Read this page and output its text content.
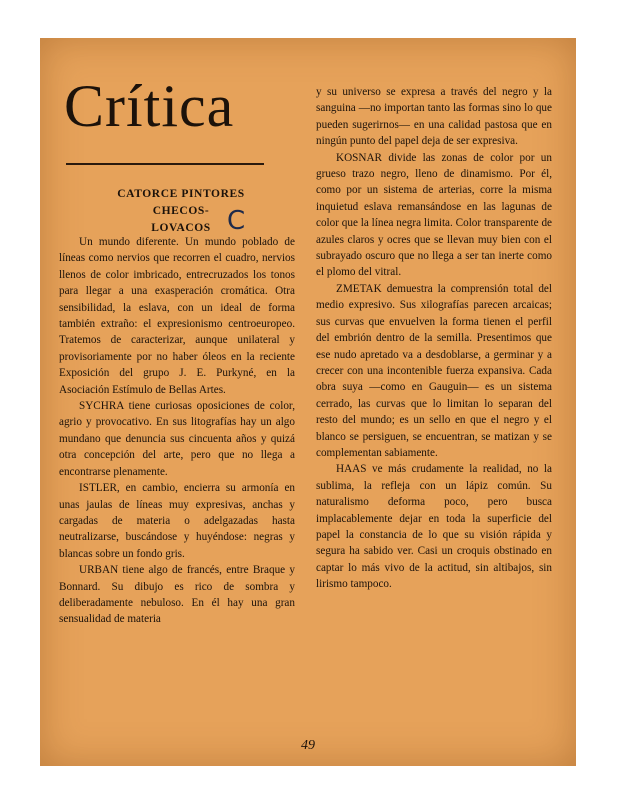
Crítica
CATORCE PINTORES CHECOS-
LOVACOS C

Un mundo diferente. Un mundo poblado de líneas como nervios que recorren el cuadro, nervios llenos de color imbricado, entrecruzados los tonos para llegar a una exasperación cromática. Otra sensibilidad, la eslava, con un ideal de forma también extraño: el expresionismo centroeuropeo. Tratemos de caracterizar, aunque unilateral y provisoriamente por no haber óleos en la reciente Exposición del grupo J. E. Purkyné, en la Asociación Estímulo de Bellas Artes.

SYCHRA tiene curiosas oposiciones de color, agrio y provocativo. En sus litografías hay un algo mundano que denuncia sus cincuenta años y quizá otra concepción del arte, pero que no llega a encontrarse plenamente.

ISTLER, en cambio, encierra su armonía en unas jaulas de líneas muy expresivas, anchas y cargadas de materia o adelgazadas hasta neutralizarse, buscándose y huyéndose: negras y blancas sobre un fondo gris.

URBAN tiene algo de francés, entre Braque y Bonnard. Su dibujo es rico de sombra y deliberadamente nebuloso. En él hay una gran sensualidad de materia

y su universo se expresa a través del negro y la sanguina —no importan tanto las formas sino lo que pueden sugerirnos— en una calidad pastosa que en ningún punto del papel deja de ser expresiva.

KOSNAR divide las zonas de color por un grueso trazo negro, lleno de dinamismo. Por él, como por un sistema de arterias, corre la misma inquietud eslava remansándose en las lagunas de color que la línea negra limita. Color transparente de azules claros y ocres que se llevan muy bien con el subrayado oscuro que no llega a ser tan inerte como el plomo del vitral.

ZMETAK demuestra la comprensión total del medio expresivo. Sus xilografías parecen arcaicas; sus curvas que envuelven la forma tienen el perfil del embrión dentro de la semilla. Presentimos que ese nudo apretado va a desdoblarse, a germinar y a crecer con una incontenible fuerza expansiva. Cada obra suya —como en Gauguin— es un sistema cerrado, las curvas que lo limitan lo separan del resto del mundo; es un sello en que el negro y el blanco se persiguen, se encuentran, se matizan y se complementan sabiamente.

HAAS ve más crudamente la realidad, no la sublima, la refleja con un lápiz común. Su naturalismo deforma poco, pero busca implacablemente dejar en toda la superficie del papel la constancia de lo que su visión rápida y segura ha sabido ver. Casi un croquis obstinado en captar lo más vivo de la actitud, sin altibajos, sin lirismo tampoco.

49
